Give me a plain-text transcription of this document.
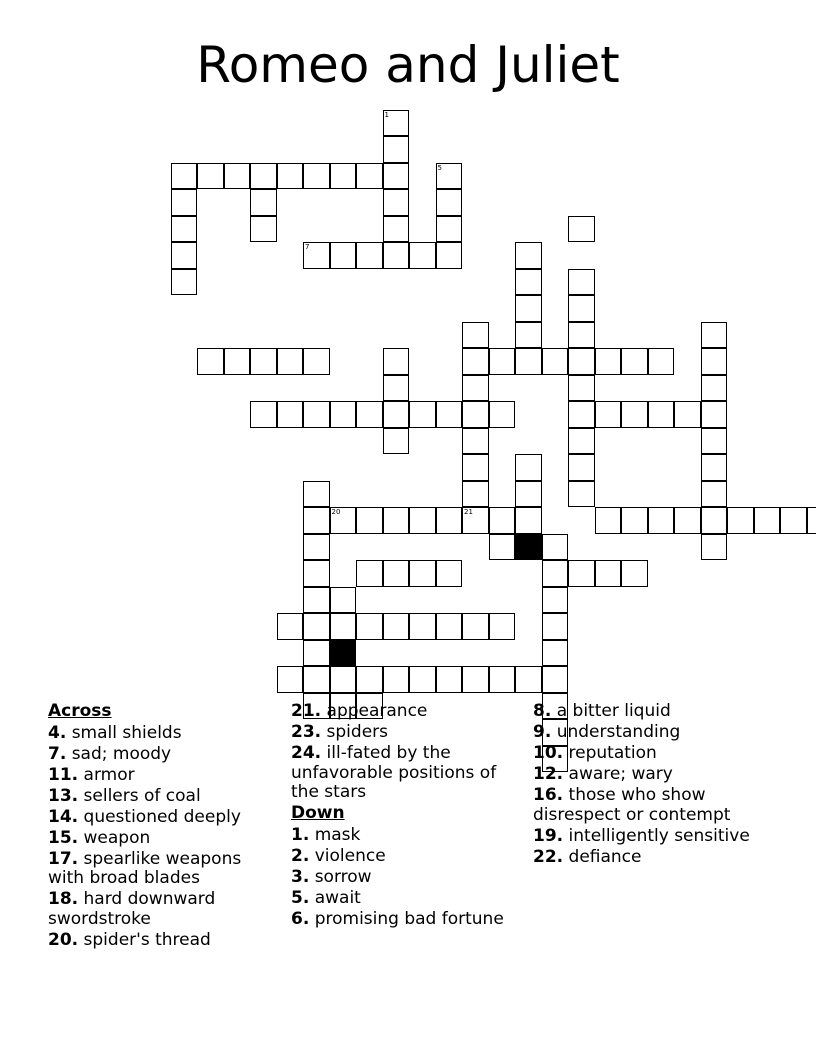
Romeo and Juliet
1
5
7
21
20
Across
4. small shields
7. sad; moody
11. armor
13. sellers of coal
14. questioned deeply
15. weapon
17. spearlike weapons with broad blades
18. hard downward swordstroke
20. spider's thread
21. appearance
23. spiders
24. ill-fated by the unfavorable positions of the stars
Down
1. mask
2. violence
3. sorrow
5. await
6. promising bad fortune
8. a bitter liquid
9. understanding
10. reputation
12. aware; wary
16. those who show disrespect or contempt
19. intelligently sensitive
22. defiance
